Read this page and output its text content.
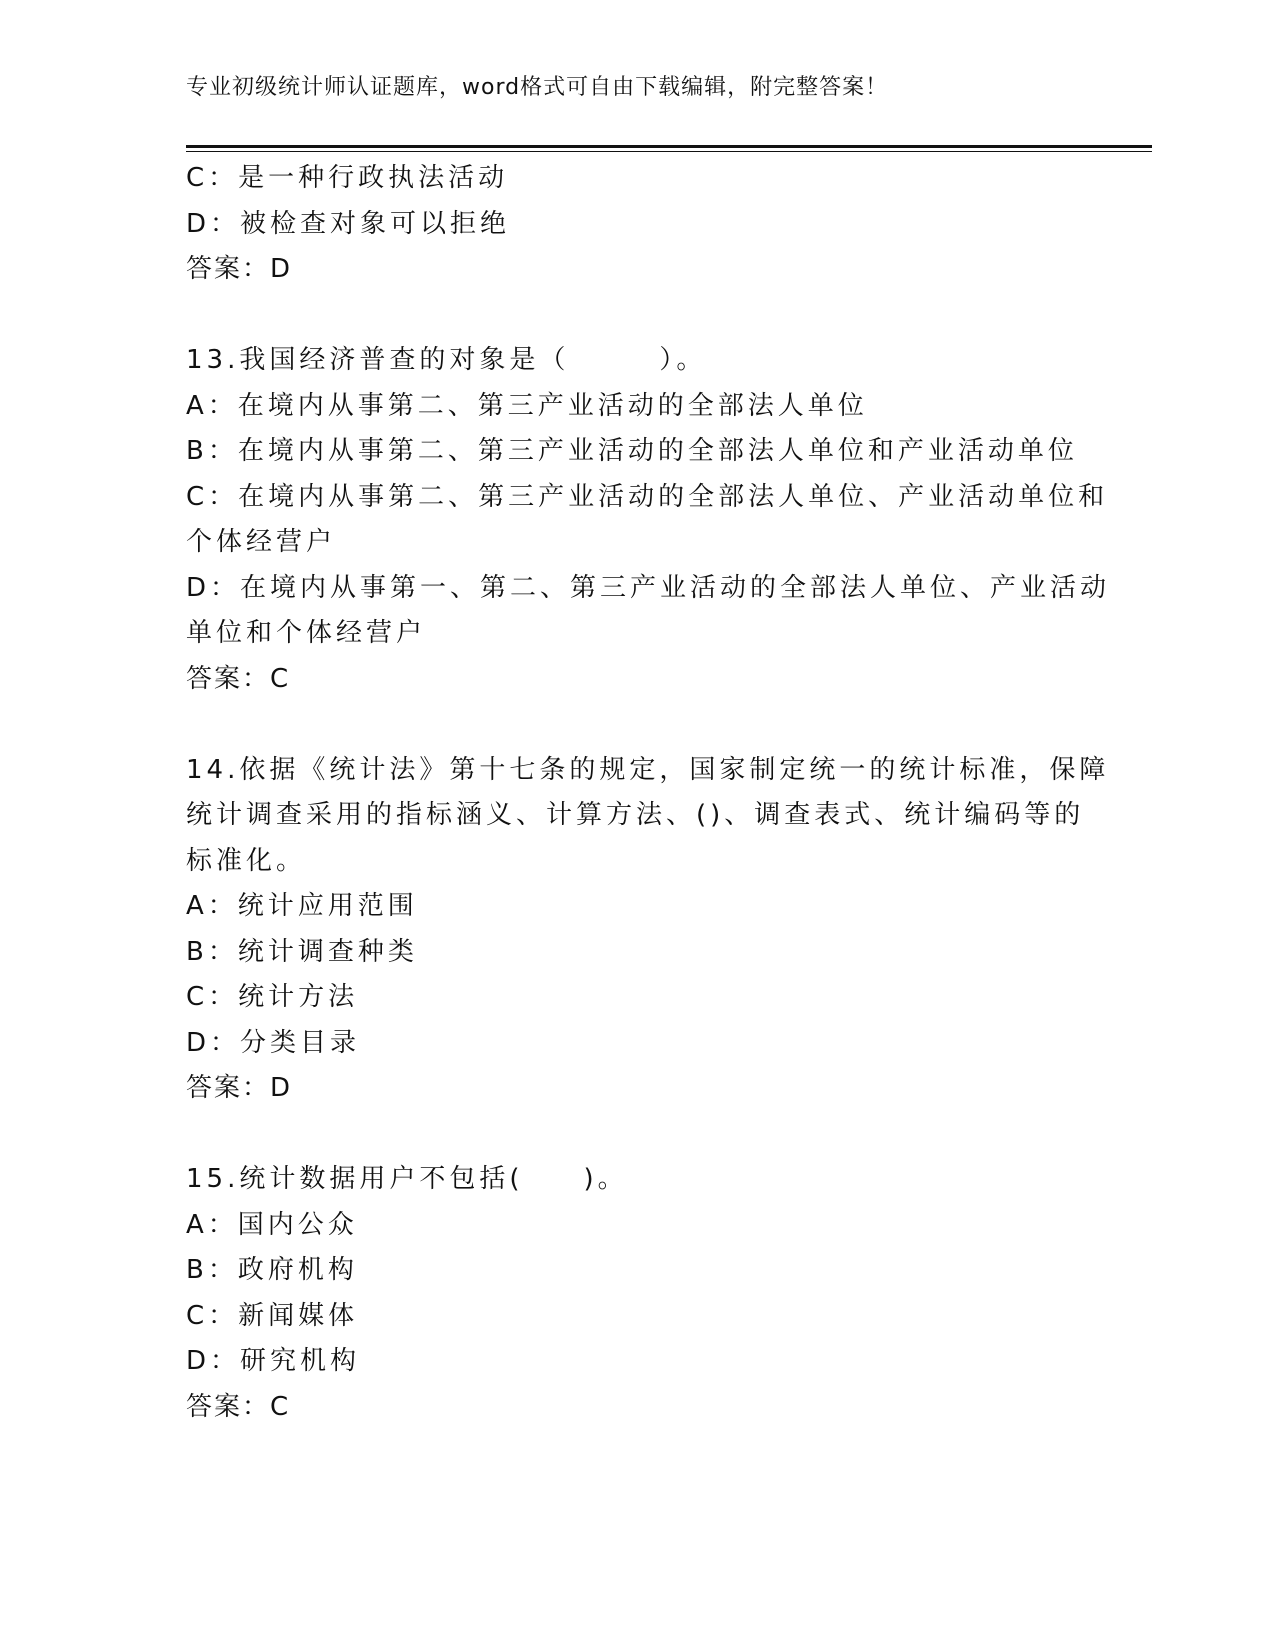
专业初级统计师认证题库，word格式可自由下载编辑，附完整答案！
C：是一种行政执法活动
D：被检查对象可以拒绝
答案：D
13.我国经济普查的对象是（　　　）。
A：在境内从事第二、第三产业活动的全部法人单位
B：在境内从事第二、第三产业活动的全部法人单位和产业活动单位
C：在境内从事第二、第三产业活动的全部法人单位、产业活动单位和
个体经营户
D：在境内从事第一、第二、第三产业活动的全部法人单位、产业活动
单位和个体经营户
答案：C
14.依据《统计法》第十七条的规定，国家制定统一的统计标准，保障
统计调查采用的指标涵义、计算方法、()、调查表式、统计编码等的
标准化。
A：统计应用范围
B：统计调查种类
C：统计方法
D：分类目录
答案：D
15.统计数据用户不包括(　　)。
A：国内公众
B：政府机构
C：新闻媒体
D：研究机构
答案：C
